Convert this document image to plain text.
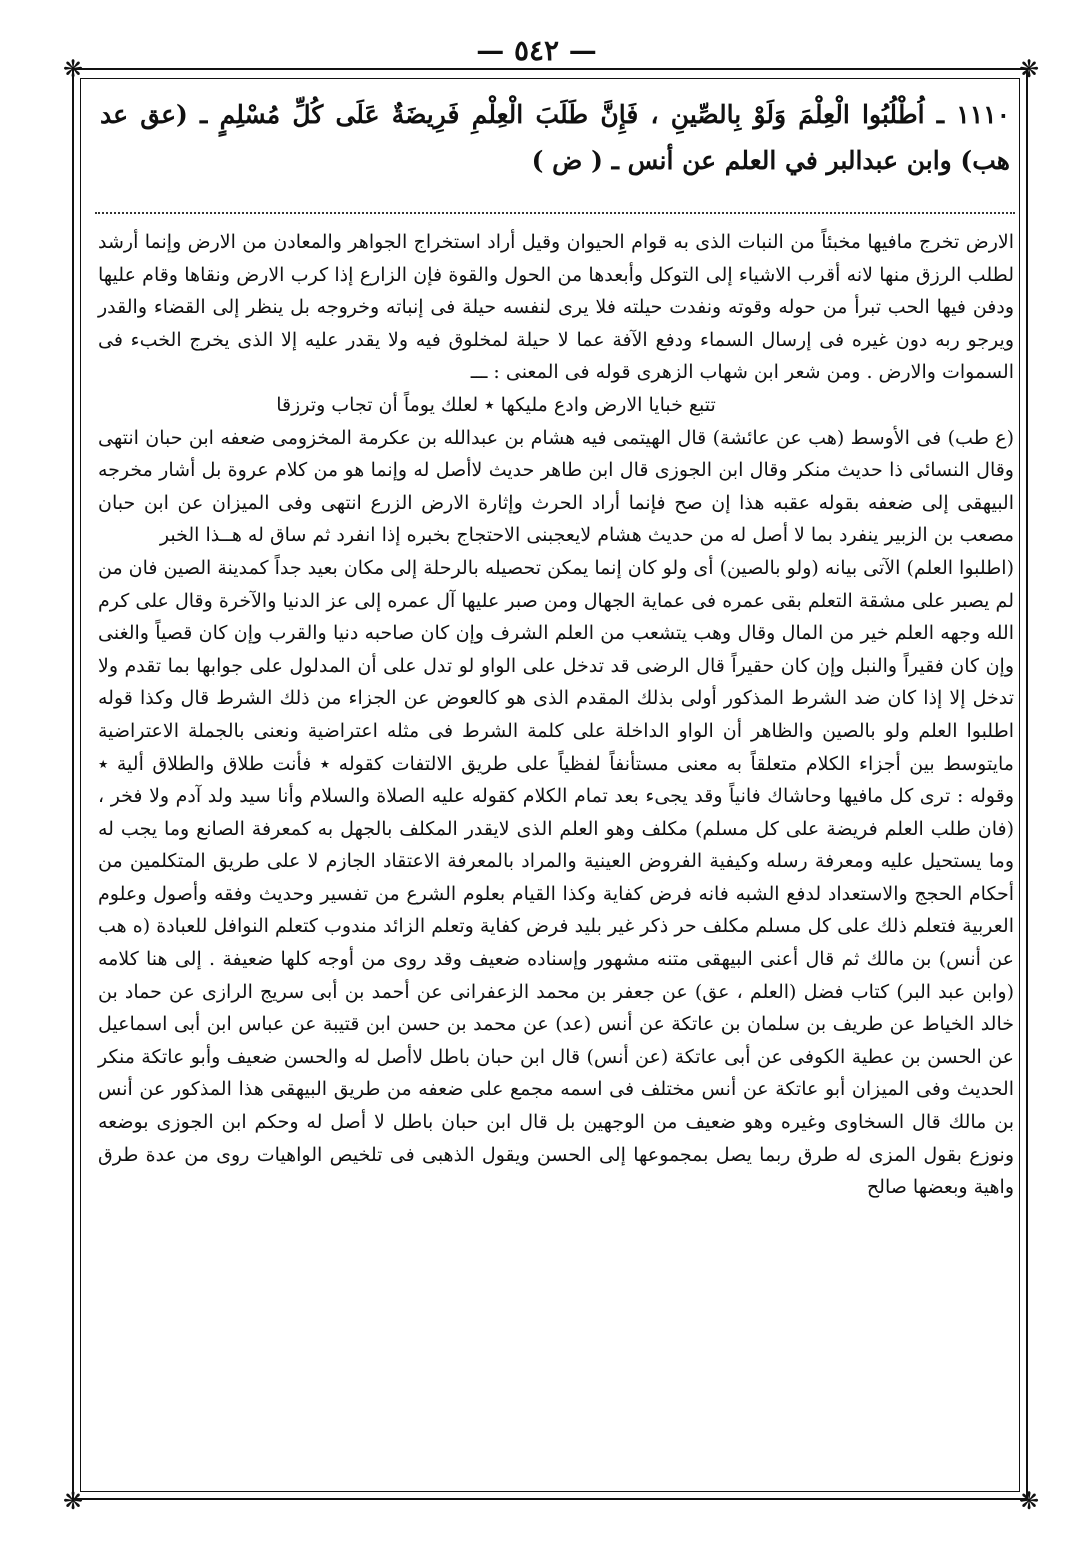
— ٥٤٢ —
❋	❋
❋	❋
١١١٠ ـ اُطْلُبُوا الْعِلْمَ وَلَوْ بِالصِّينِ ، فَإِنَّ طَلَبَ الْعِلْمِ فَرِيضَةٌ عَلَى كُلِّ مُسْلِمٍ ـ (عق عد هب) وابن عبدالبر في العلم عن أنس ـ ( ض )

الارض تخرج مافيها مخبئاً من النبات الذى به قوام الحيوان وقيل أراد استخراج الجواهر والمعادن من الارض وإنما أرشد لطلب الرزق منها لانه أقرب الاشياء إلى التوكل وأبعدها من الحول والقوة فإن الزارع إذا كرب الارض ونقاها وقام عليها ودفن فيها الحب تبرأ من حوله وقوته ونفدت حيلته فلا يرى لنفسه حيلة فى إنباته وخروجه بل ينظر إلى القضاء والقدر ويرجو ربه دون غيره فى إرسال السماء ودفع الآفة عما لا حيلة لمخلوق فيه ولا يقدر عليه إلا الذى يخرج الخبء فى السموات والارض . ومن شعر ابن شهاب الزهرى قوله فى المعنى : ـــ

تتبع خبايا الارض وادع مليكها ٭ لعلك يوماً أن تجاب وترزقا

(ع طب) فى الأوسط (هب عن عائشة) قال الهيتمى فيه هشام بن عبدالله بن عكرمة المخزومى ضعفه ابن حبان انتهى وقال النسائى ذا حديث منكر وقال ابن الجوزى قال ابن طاهر حديث لاأصل له وإنما هو من كلام عروة بل أشار مخرجه البيهقى إلى ضعفه بقوله عقبه هذا إن صح فإنما أراد الحرث وإثارة الارض الزرع انتهى وفى الميزان عن ابن حبان مصعب بن الزبير ينفرد بما لا أصل له من حديث هشام لايعجبنى الاحتجاج بخبره إذا انفرد ثم ساق له هــذا الخبر

(اطلبوا العلم) الآتى بيانه (ولو بالصين) أى ولو كان إنما يمكن تحصيله بالرحلة إلى مكان بعيد جداً كمدينة الصين فان من لم يصبر على مشقة التعلم بقى عمره فى عماية الجهال ومن صبر عليها آل عمره إلى عز الدنيا والآخرة وقال على كرم الله وجهه العلم خير من المال وقال وهب يتشعب من العلم الشرف وإن كان صاحبه دنيا والقرب وإن كان قصياً والغنى وإن كان فقيراً والنبل وإن كان حقيراً قال الرضى قد تدخل على الواو لو تدل على أن المدلول على جوابها بما تقدم ولا تدخل إلا إذا كان ضد الشرط المذكور أولى بذلك المقدم الذى هو كالعوض عن الجزاء من ذلك الشرط قال وكذا قوله اطلبوا العلم ولو بالصين والظاهر أن الواو الداخلة على كلمة الشرط فى مثله اعتراضية ونعنى بالجملة الاعتراضية مايتوسط بين أجزاء الكلام متعلقاً به معنى مستأنفاً لفظياً على طريق الالتفات كقوله ٭ فأنت طلاق والطلاق ألية ٭ وقوله : ترى كل مافيها وحاشاك فانياً وقد يجىء بعد تمام الكلام كقوله عليه الصلاة والسلام وأنا سيد ولد آدم ولا فخر ، (فان طلب العلم فريضة على كل مسلم) مكلف وهو العلم الذى لايقدر المكلف بالجهل به كمعرفة الصانع وما يجب له وما يستحيل عليه ومعرفة رسله وكيفية الفروض العينية والمراد بالمعرفة الاعتقاد الجازم لا على طريق المتكلمين من أحكام الحجج والاستعداد لدفع الشبه فانه فرض كفاية وكذا القيام بعلوم الشرع من تفسير وحديث وفقه وأصول وعلوم العربية فتعلم ذلك على كل مسلم مكلف حر ذكر غير بليد فرض كفاية وتعلم الزائد مندوب كتعلم النوافل للعبادة (ه هب عن أنس) بن مالك ثم قال أعنى البيهقى متنه مشهور وإسناده ضعيف وقد روى من أوجه كلها ضعيفة . إلى هنا كلامه (وابن عبد البر) كتاب فضل (العلم ، عق) عن جعفر بن محمد الزعفرانى عن أحمد بن أبى سريج الرازى عن حماد بن خالد الخياط عن طريف بن سلمان بن عاتكة عن أنس (عد) عن محمد بن حسن ابن قتيبة عن عباس ابن أبى اسماعيل عن الحسن بن عطية الكوفى عن أبى عاتكة (عن أنس) قال ابن حبان باطل لاأصل له والحسن ضعيف وأبو عاتكة منكر الحديث وفى الميزان أبو عاتكة عن أنس مختلف فى اسمه مجمع على ضعفه من طريق البيهقى هذا المذكور عن أنس بن مالك قال السخاوى وغيره وهو ضعيف من الوجهين بل قال ابن حبان باطل لا أصل له وحكم ابن الجوزى بوضعه ونوزع بقول المزى له طرق ربما يصل بمجموعها إلى الحسن ويقول الذهبى فى تلخيص الواهيات روى من عدة طرق واهية وبعضها صالح
